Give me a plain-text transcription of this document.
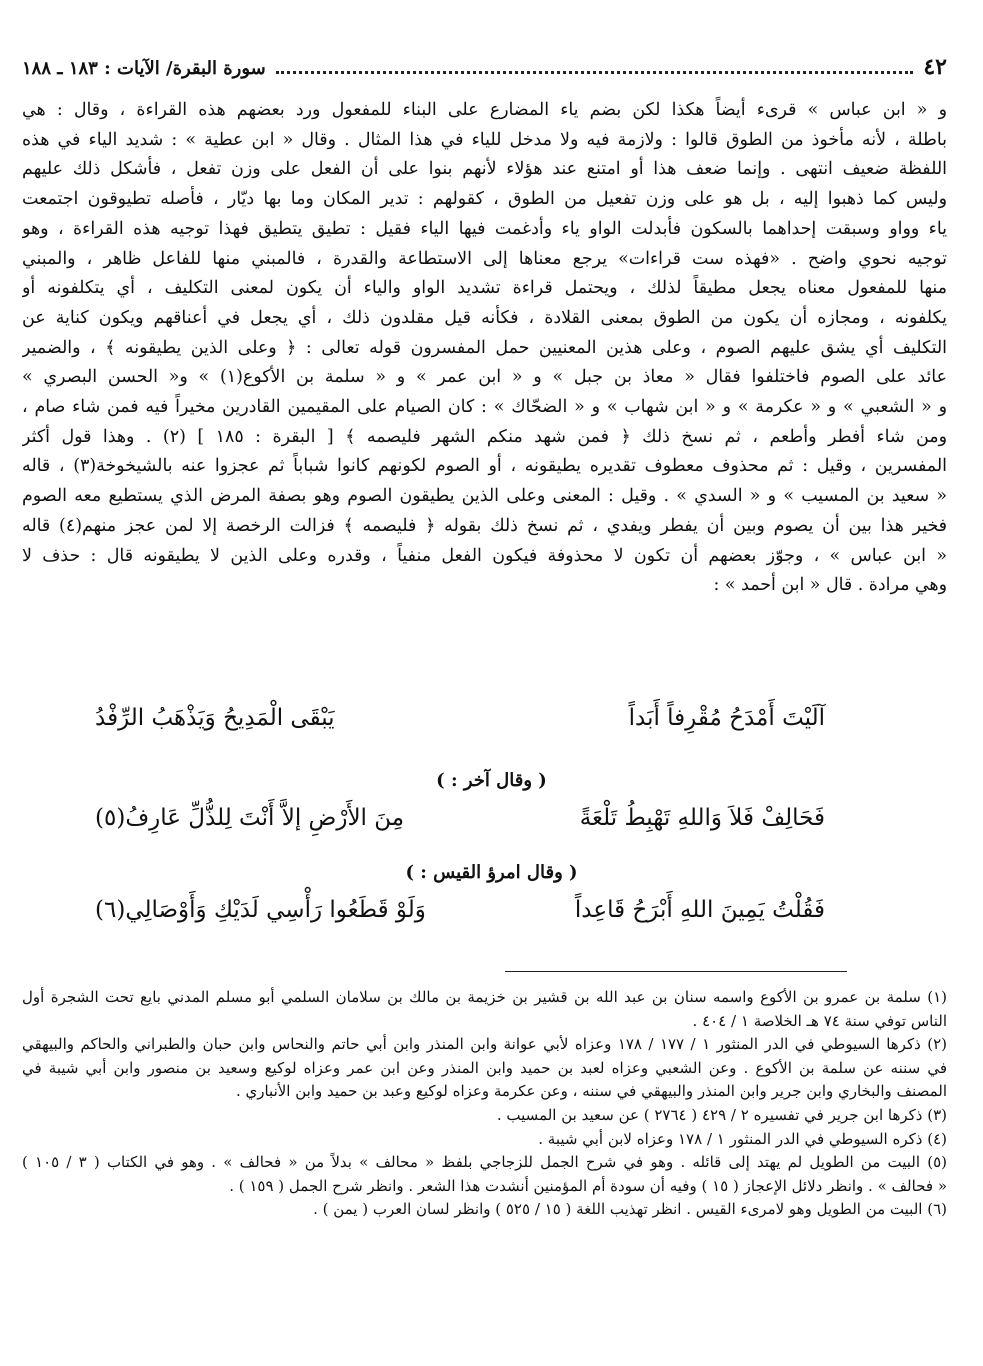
٤٢
سورة البقرة/ الآيات : ١٨٣ ـ ١٨٨
و « ابن عباس » قرىء أيضاً هكذا لكن بضم ياء المضارع على البناء للمفعول ورد بعضهم هذه القراءة ، وقال : هي
باطلة ، لأنه مأخوذ من الطوق قالوا : ولازمة فيه ولا مدخل للياء في هذا المثال . وقال « ابن عطية » : شديد الياء في هذه
اللفظة ضعيف انتهى . وإنما ضعف هذا أو امتنع عند هؤلاء لأنهم بنوا على أن الفعل على وزن تفعل ، فأشكل ذلك عليهم
وليس كما ذهبوا إليه ، بل هو على وزن تفعيل من الطوق ، كقولهم : تدير المكان وما بها ديّار ، فأصله تطيوقون اجتمعت
ياء وواو وسبقت إحداهما بالسكون فأبدلت الواو ياء وأدغمت فيها الياء فقيل : تطيق يتطيق فهذا توجيه هذه القراءة ، وهو
توجيه نحوي واضح . «فهذه ست قراءات» يرجع معناها إلى الاستطاعة والقدرة ، فالمبني منها للفاعل ظاهر ، والمبني
منها للمفعول معناه يجعل مطيقاً لذلك ، ويحتمل قراءة تشديد الواو والياء أن يكون لمعنى التكليف ، أي يتكلفونه أو
يكلفونه ، ومجازه أن يكون من الطوق بمعنى القلادة ، فكأنه قيل مقلدون ذلك ، أي يجعل في أعناقهم ويكون كناية عن
التكليف أي يشق عليهم الصوم ، وعلى هذين المعنيين حمل المفسرون قوله تعالى : ﴿ وعلى الذين يطيقونه ﴾ ، والضمير
عائد على الصوم فاختلفوا فقال « معاذ بن جبل » و « ابن عمر » و « سلمة بن الأكوع(١) » و« الحسن البصري »
و « الشعبي » و « عكرمة » و « ابن شهاب » و « الضحّاك » : كان الصيام على المقيمين القادرين مخيراً فيه فمن شاء صام ،
ومن شاء أفطر وأطعم ، ثم نسخ ذلك ﴿ فمن شهد منكم الشهر فليصمه ﴾ [ البقرة : ١٨٥ ] (٢) . وهذا قول أكثر
المفسرين ، وقيل : ثم محذوف معطوف تقديره يطيقونه ، أو الصوم لكونهم كانوا شباباً ثم عجزوا عنه بالشيخوخة(٣) ، قاله
« سعيد بن المسيب » و « السدي » . وقيل : المعنى وعلى الذين يطيقون الصوم وهو بصفة المرض الذي يستطيع معه الصوم
فخير هذا بين أن يصوم وبين أن يفطر ويفدي ، ثم نسخ ذلك بقوله ﴿ فليصمه ﴾ فزالت الرخصة إلا لمن عجز منهم(٤) قاله
« ابن عباس » ، وجوّز بعضهم أن تكون لا محذوفة فيكون الفعل منفياً ، وقدره وعلى الذين لا يطيقونه قال : حذف لا
وهي مرادة . قال « ابن أحمد » :
آلَيْتَ أَمْدَحُ مُقْرِفاً أَبَداً
يَبْقَى الْمَدِيحُ وَيَذْهَبُ الرِّفْدُ
( وقال آخر : )
فَحَالِفْ فَلاَ وَاللهِ تَهْبِطُ تَلْعَةً
مِنَ الأَرْضِ إلاَّ أَنْتَ لِلذُّلِّ عَارِفُ(٥)
( وقال امرؤ القيس : )
فَقُلْتُ يَمِينَ اللهِ أَبْرَحُ قَاعِداً
وَلَوْ قَطَعُوا رَأْسِي لَدَيْكِ وَأَوْصَالِي(٦)
(١) سلمة بن عمرو بن الأكوع واسمه سنان بن عبد الله بن قشير بن خزيمة بن مالك بن سلامان السلمي أبو مسلم المدني بايع تحت الشجرة أول
الناس توفي سنة ٧٤ هـ الخلاصة ١ / ٤٠٤ .
(٢) ذكرها السيوطي في الدر المنثور ١ / ١٧٧ / ١٧٨ وعزاه لأبي عوانة وابن المنذر وابن أبي حاتم والنحاس وابن حبان والطبراني والحاكم والبيهقي
في سننه عن سلمة بن الأكوع . وعن الشعبي وعزاه لعبد بن حميد وابن المنذر وعن ابن عمر وعزاه لوكيع وسعيد بن منصور وابن أبي شيبة في
المصنف والبخاري وابن جرير وابن المنذر والبيهقي في سننه ، وعن عكرمة وعزاه لوكيع وعبد بن حميد وابن الأنباري .
(٣) ذكرها ابن جرير في تفسيره ٢ / ٤٢٩ ( ٢٧٦٤ ) عن سعيد بن المسيب .
(٤) ذكره السيوطي في الدر المنثور ١ / ١٧٨ وعزاه لابن أبي شيبة .
(٥) البيت من الطويل لم يهتد إلى قائله . وهو في شرح الجمل للزجاجي بلفظ « محالف » بدلاً من « فحالف » . وهو في الكتاب ( ٣ / ١٠٥ )
« فحالف » . وانظر دلائل الإعجاز ( ١٥ ) وفيه أن سودة أم المؤمنين أنشدت هذا الشعر . وانظر شرح الجمل ( ١٥٩ ) .
(٦) البيت من الطويل وهو لامرىء القيس . انظر تهذيب اللغة ( ١٥ / ٥٢٥ ) وانظر لسان العرب ( يمن ) .
